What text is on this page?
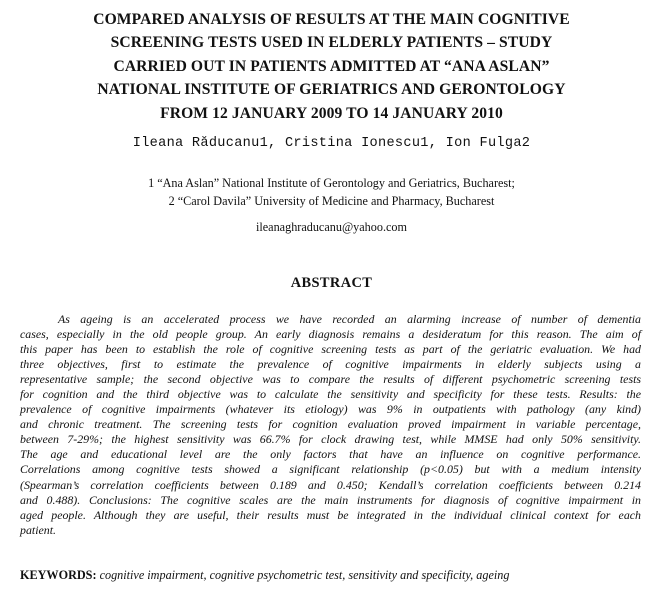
COMPARED ANALYSIS OF RESULTS AT THE MAIN COGNITIVE
SCREENING TESTS USED IN ELDERLY PATIENTS – STUDY
CARRIED OUT IN PATIENTS ADMITTED AT “ANA ASLAN”
NATIONAL INSTITUTE OF GERIATRICS AND GERONTOLOGY
FROM 12 JANUARY 2009 TO 14 JANUARY 2010
Ileana Răducanu1, Cristina Ionescu1, Ion Fulga2
1 “Ana Aslan” National Institute of Gerontology and Geriatrics, Bucharest;
2 “Carol Davila” University of Medicine and Pharmacy, Bucharest
ileanaghraducanu@yahoo.com
ABSTRACT
As ageing is an accelerated process we have recorded an alarming increase of number of dementia
cases, especially in the old people group. An early diagnosis remains a desideratum for this reason. The aim of
this paper has been to establish the role of cognitive screening tests as part of the geriatric evaluation. We had
three objectives, first to estimate the prevalence of cognitive impairments in elderly subjects using a
representative sample; the second objective was to compare the results of different psychometric screening tests
for cognition and the third objective was to calculate the sensitivity and specificity for these tests. Results: the
prevalence of cognitive impairments (whatever its etiology) was 9% in outpatients with pathology (any kind)
and chronic treatment. The screening tests for cognition evaluation proved impairment in variable percentage,
between 7-29%; the highest sensitivity was 66.7% for clock drawing test, while MMSE had only 50% sensitivity.
The age and educational level are the only factors that have an influence on cognitive performance.
Correlations among cognitive tests showed a significant relationship (p<0.05) but with a medium intensity
(Spearman’s correlation coefficients between 0.189 and 0.450; Kendall’s correlation coefficients between 0.214
and 0.488). Conclusions: The cognitive scales are the main instruments for diagnosis of cognitive impairment in
aged people. Although they are useful, their results must be integrated in the individual clinical context for each
patient.
KEYWORDS: cognitive impairment, cognitive psychometric test, sensitivity and specificity, ageing
